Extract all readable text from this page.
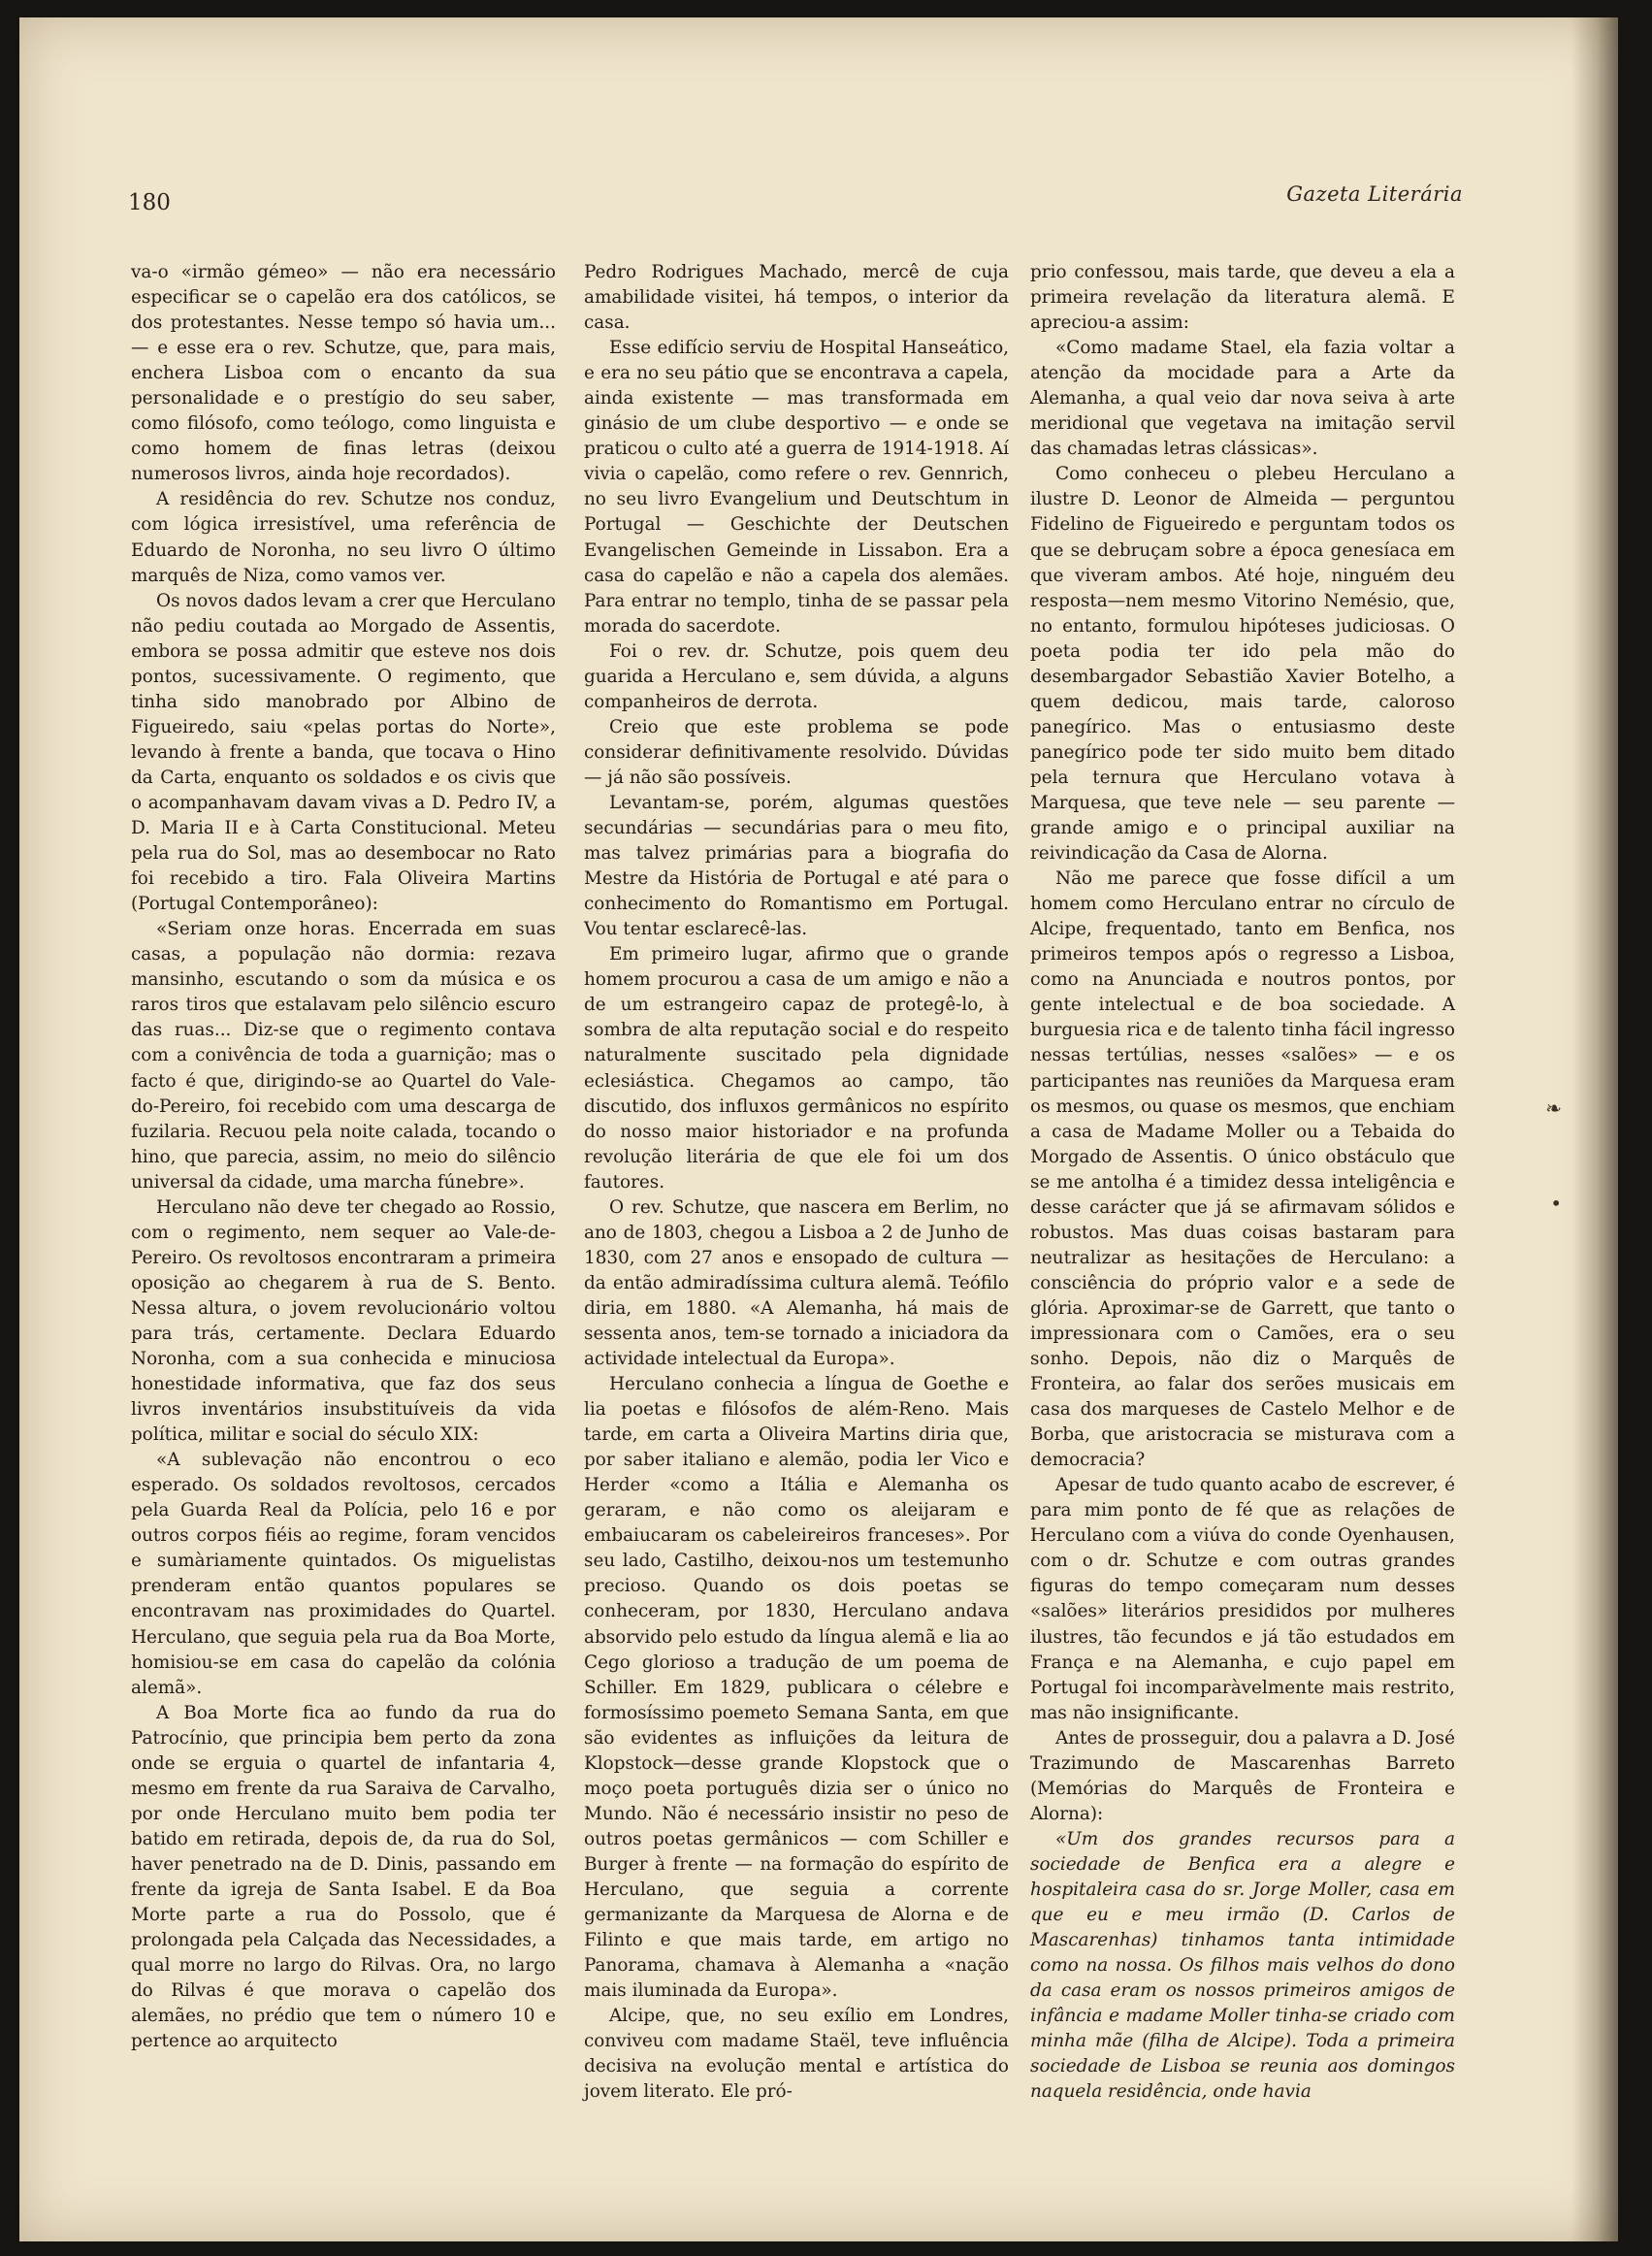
180	Gazeta Literária

va-o «irmão gémeo» — não era necessário especificar se o capelão era dos católicos, se dos protestantes. Nesse tempo só havia um... — e esse era o rev. Schutze, que, para mais, enchera Lisboa com o encanto da sua personalidade e o prestígio do seu saber, como filósofo, como teólogo, como linguista e como homem de finas letras (deixou numerosos livros, ainda hoje recordados).

A residência do rev. Schutze nos conduz, com lógica irresistível, uma referência de Eduardo de Noronha, no seu livro O último marquês de Niza, como vamos ver.

Os novos dados levam a crer que Herculano não pediu coutada ao Morgado de Assentis, embora se possa admitir que esteve nos dois pontos, sucessivamente. O regimento, que tinha sido manobrado por Albino de Figueiredo, saiu «pelas portas do Norte», levando à frente a banda, que tocava o Hino da Carta, enquanto os soldados e os civis que o acompanhavam davam vivas a D. Pedro IV, a D. Maria II e à Carta Constitucional. Meteu pela rua do Sol, mas ao desembocar no Rato foi recebido a tiro. Fala Oliveira Martins (Portugal Contemporâneo):

«Seriam onze horas. Encerrada em suas casas, a população não dormia: rezava mansinho, escutando o som da música e os raros tiros que estalavam pelo silêncio escuro das ruas... Diz-se que o regimento contava com a conivência de toda a guarnição; mas o facto é que, dirigindo-se ao Quartel do Vale-do-Pereiro, foi recebido com uma descarga de fuzilaria. Recuou pela noite calada, tocando o hino, que parecia, assim, no meio do silêncio universal da cidade, uma marcha fúnebre».

Herculano não deve ter chegado ao Rossio, com o regimento, nem sequer ao Vale-de-Pereiro. Os revoltosos encontraram a primeira oposição ao chegarem à rua de S. Bento. Nessa altura, o jovem revolucionário voltou para trás, certamente. Declara Eduardo Noronha, com a sua conhecida e minuciosa honestidade informativa, que faz dos seus livros inventários insubstituíveis da vida política, militar e social do século XIX:

«A sublevação não encontrou o eco esperado. Os soldados revoltosos, cercados pela Guarda Real da Polícia, pelo 16 e por outros corpos fiéis ao regime, foram vencidos e sumàriamente quintados. Os miguelistas prenderam então quantos populares se encontravam nas proximidades do Quartel. Herculano, que seguia pela rua da Boa Morte, homisiou-se em casa do capelão da colónia alemã».

A Boa Morte fica ao fundo da rua do Patrocínio, que principia bem perto da zona onde se erguia o quartel de infantaria 4, mesmo em frente da rua Saraiva de Carvalho, por onde Herculano muito bem podia ter batido em retirada, depois de, da rua do Sol, haver penetrado na de D. Dinis, passando em frente da igreja de Santa Isabel. E da Boa Morte parte a rua do Possolo, que é prolongada pela Calçada das Necessidades, a qual morre no largo do Rilvas. Ora, no largo do Rilvas é que morava o capelão dos alemães, no prédio que tem o número 10 e pertence ao arquitecto

Pedro Rodrigues Machado, mercê de cuja amabilidade visitei, há tempos, o interior da casa.

Esse edifício serviu de Hospital Hanseático, e era no seu pátio que se encontrava a capela, ainda existente — mas transformada em ginásio de um clube desportivo — e onde se praticou o culto até a guerra de 1914-1918. Aí vivia o capelão, como refere o rev. Gennrich, no seu livro Evangelium und Deutschtum in Portugal — Geschichte der Deutschen Evangelischen Gemeinde in Lissabon. Era a casa do capelão e não a capela dos alemães. Para entrar no templo, tinha de se passar pela morada do sacerdote.

Foi o rev. dr. Schutze, pois quem deu guarida a Herculano e, sem dúvida, a alguns companheiros de derrota.

Creio que este problema se pode considerar definitivamente resolvido. Dúvidas — já não são possíveis.

Levantam-se, porém, algumas questões secundárias — secundárias para o meu fito, mas talvez primárias para a biografia do Mestre da História de Portugal e até para o conhecimento do Romantismo em Portugal. Vou tentar esclarecê-las.

Em primeiro lugar, afirmo que o grande homem procurou a casa de um amigo e não a de um estrangeiro capaz de protegê-lo, à sombra de alta reputação social e do respeito naturalmente suscitado pela dignidade eclesiástica. Chegamos ao campo, tão discutido, dos influxos germânicos no espírito do nosso maior historiador e na profunda revolução literária de que ele foi um dos fautores.

O rev. Schutze, que nascera em Berlim, no ano de 1803, chegou a Lisboa a 2 de Junho de 1830, com 27 anos e ensopado de cultura — da então admiradíssima cultura alemã. Teófilo diria, em 1880. «A Alemanha, há mais de sessenta anos, tem-se tornado a iniciadora da actividade intelectual da Europa».

Herculano conhecia a língua de Goethe e lia poetas e filósofos de além-Reno. Mais tarde, em carta a Oliveira Martins diria que, por saber italiano e alemão, podia ler Vico e Herder «como a Itália e Alemanha os geraram, e não como os aleijaram e embaiucaram os cabeleireiros franceses». Por seu lado, Castilho, deixou-nos um testemunho precioso. Quando os dois poetas se conheceram, por 1830, Herculano andava absorvido pelo estudo da língua alemã e lia ao Cego glorioso a tradução de um poema de Schiller. Em 1829, publicara o célebre e formosíssimo poemeto Semana Santa, em que são evidentes as influições da leitura de Klopstock—desse grande Klopstock que o moço poeta português dizia ser o único no Mundo. Não é necessário insistir no peso de outros poetas germânicos — com Schiller e Burger à frente — na formação do espírito de Herculano, que seguia a corrente germanizante da Marquesa de Alorna e de Filinto e que mais tarde, em artigo no Panorama, chamava à Alemanha a «nação mais iluminada da Europa».

Alcipe, que, no seu exílio em Londres, conviveu com madame Staël, teve influência decisiva na evolução mental e artística do jovem literato. Ele pró-

prio confessou, mais tarde, que deveu a ela a primeira revelação da literatura alemã. E apreciou-a assim:

«Como madame Stael, ela fazia voltar a atenção da mocidade para a Arte da Alemanha, a qual veio dar nova seiva à arte meridional que vegetava na imitação servil das chamadas letras clássicas».

Como conheceu o plebeu Herculano a ilustre D. Leonor de Almeida — perguntou Fidelino de Figueiredo e perguntam todos os que se debruçam sobre a época genesíaca em que viveram ambos. Até hoje, ninguém deu resposta—nem mesmo Vitorino Nemésio, que, no entanto, formulou hipóteses judiciosas. O poeta podia ter ido pela mão do desembargador Sebastião Xavier Botelho, a quem dedicou, mais tarde, caloroso panegírico. Mas o entusiasmo deste panegírico pode ter sido muito bem ditado pela ternura que Herculano votava à Marquesa, que teve nele — seu parente — grande amigo e o principal auxiliar na reivindicação da Casa de Alorna.

Não me parece que fosse difícil a um homem como Herculano entrar no círculo de Alcipe, frequentado, tanto em Benfica, nos primeiros tempos após o regresso a Lisboa, como na Anunciada e noutros pontos, por gente intelectual e de boa sociedade. A burguesia rica e de talento tinha fácil ingresso nessas tertúlias, nesses «salões» — e os participantes nas reuniões da Marquesa eram os mesmos, ou quase os mesmos, que enchiam a casa de Madame Moller ou a Tebaida do Morgado de Assentis. O único obstáculo que se me antolha é a timidez dessa inteligência e desse carácter que já se afirmavam sólidos e robustos. Mas duas coisas bastaram para neutralizar as hesitações de Herculano: a consciência do próprio valor e a sede de glória. Aproximar-se de Garrett, que tanto o impressionara com o Camões, era o seu sonho. Depois, não diz o Marquês de Fronteira, ao falar dos serões musicais em casa dos marqueses de Castelo Melhor e de Borba, que aristocracia se misturava com a democracia?

Apesar de tudo quanto acabo de escrever, é para mim ponto de fé que as relações de Herculano com a viúva do conde Oyenhausen, com o dr. Schutze e com outras grandes figuras do tempo começaram num desses «salões» literários presididos por mulheres ilustres, tão fecundos e já tão estudados em França e na Alemanha, e cujo papel em Portugal foi incomparàvelmente mais restrito, mas não insignificante.

Antes de prosseguir, dou a palavra a D. José Trazimundo de Mascarenhas Barreto (Memórias do Marquês de Fronteira e Alorna):

«Um dos grandes recursos para a sociedade de Benfica era a alegre e hospitaleira casa do sr. Jorge Moller, casa em que eu e meu irmão (D. Carlos de Mascarenhas) tinhamos tanta intimidade como na nossa. Os filhos mais velhos do dono da casa eram os nossos primeiros amigos de infância e madame Moller tinha-se criado com minha mãe (filha de Alcipe). Toda a primeira sociedade de Lisboa se reunia aos domingos naquela residência, onde havia

❧
•
